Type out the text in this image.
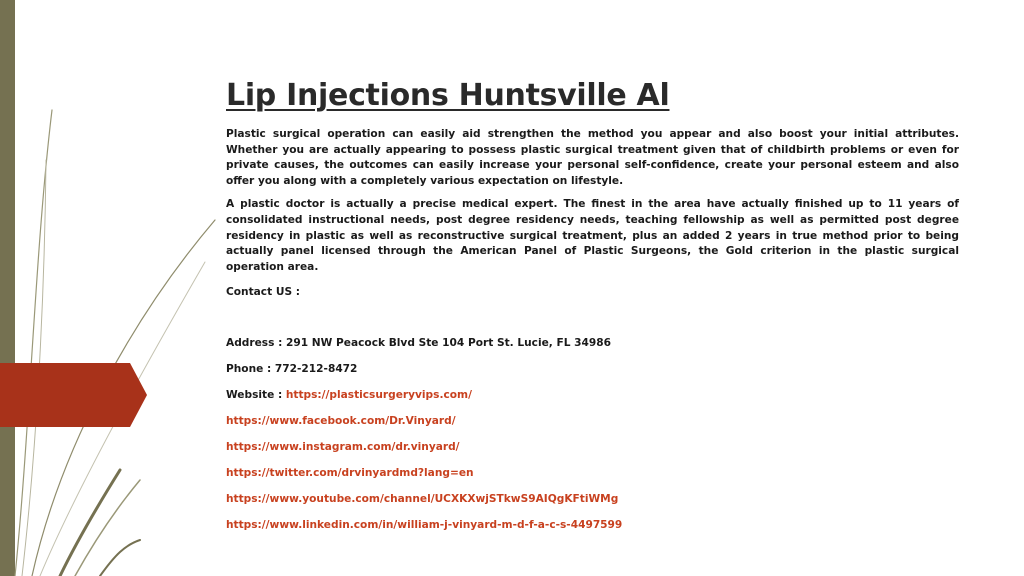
Lip Injections Huntsville Al

Plastic surgical operation can easily aid strengthen the method you appear and also boost your initial attributes. Whether you are actually appearing to possess plastic surgical treatment given that of childbirth problems or even for private causes, the outcomes can easily increase your personal self-confidence, create your personal esteem and also offer you along with a completely various expectation on lifestyle.

A plastic doctor is actually a precise medical expert. The finest in the area have actually finished up to 11 years of consolidated instructional needs, post degree residency needs, teaching fellowship as well as permitted post degree residency in plastic as well as reconstructive surgical treatment, plus an added 2 years in true method prior to being actually panel licensed through the American Panel of Plastic Surgeons, the Gold criterion in the plastic surgical operation area.

Contact US :

Address : 291 NW Peacock Blvd Ste 104 Port St. Lucie, FL 34986

Phone : 772-212-8472

Website : https://plasticsurgeryvips.com/

https://www.facebook.com/Dr.Vinyard/

https://www.instagram.com/dr.vinyard/

https://twitter.com/drvinyardmd?lang=en

https://www.youtube.com/channel/UCXKXwjSTkwS9AIQgKFtiWMg

https://www.linkedin.com/in/william-j-vinyard-m-d-f-a-c-s-4497599
